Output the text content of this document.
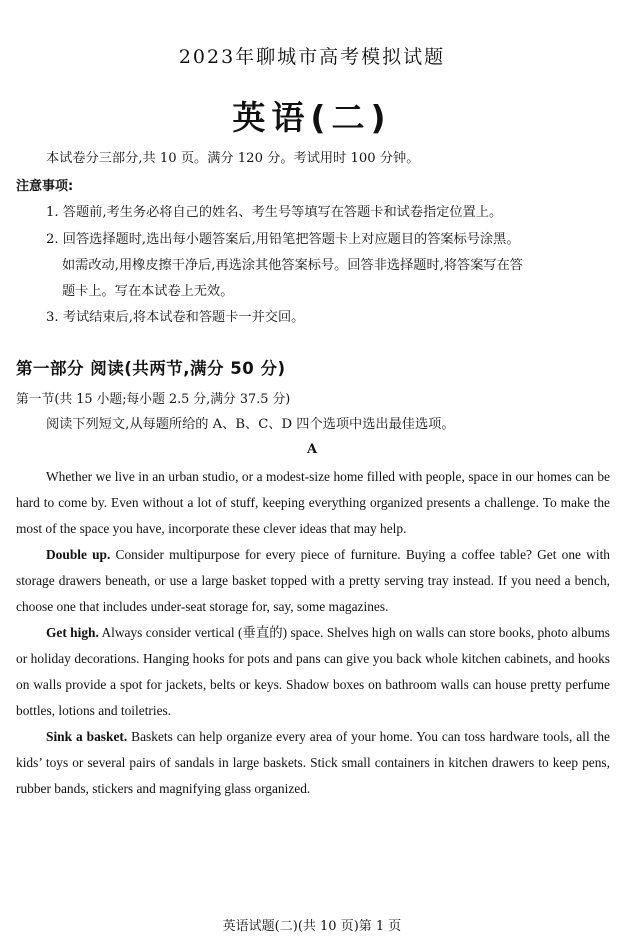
2023年聊城市高考模拟试题
英语(二)
本试卷分三部分,共 10 页。满分 120 分。考试用时 100 分钟。
注意事项:
1. 答题前,考生务必将自己的姓名、考生号等填写在答题卡和试卷指定位置上。
2. 回答选择题时,选出每小题答案后,用铅笔把答题卡上对应题目的答案标号涂黑。
如需改动,用橡皮擦干净后,再选涂其他答案标号。回答非选择题时,将答案写在答
题卡上。写在本试卷上无效。
3. 考试结束后,将本试卷和答题卡一并交回。
第一部分 阅读(共两节,满分 50 分)
第一节(共 15 小题;每小题 2.5 分,满分 37.5 分)
阅读下列短文,从每题所给的 A、B、C、D 四个选项中选出最佳选项。
A

Whether we live in an urban studio, or a modest-size home filled with people, space in our homes can be hard to come by. Even without a lot of stuff, keeping everything organized presents a challenge. To make the most of the space you have, incorporate these clever ideas that may help.

Double up. Consider multipurpose for every piece of furniture. Buying a coffee table? Get one with storage drawers beneath, or use a large basket topped with a pretty serving tray instead. If you need a bench, choose one that includes under-seat storage for, say, some magazines.

Get high. Always consider vertical (垂直的) space. Shelves high on walls can store books, photo albums or holiday decorations. Hanging hooks for pots and pans can give you back whole kitchen cabinets, and hooks on walls provide a spot for jackets, belts or keys. Shadow boxes on bathroom walls can house pretty perfume bottles, lotions and toiletries.

Sink a basket. Baskets can help organize every area of your home. You can toss hardware tools, all the kids’ toys or several pairs of sandals in large baskets. Stick small containers in kitchen drawers to keep pens, rubber bands, stickers and magnifying glass organized.

英语试题(二)(共 10 页)第 1 页
